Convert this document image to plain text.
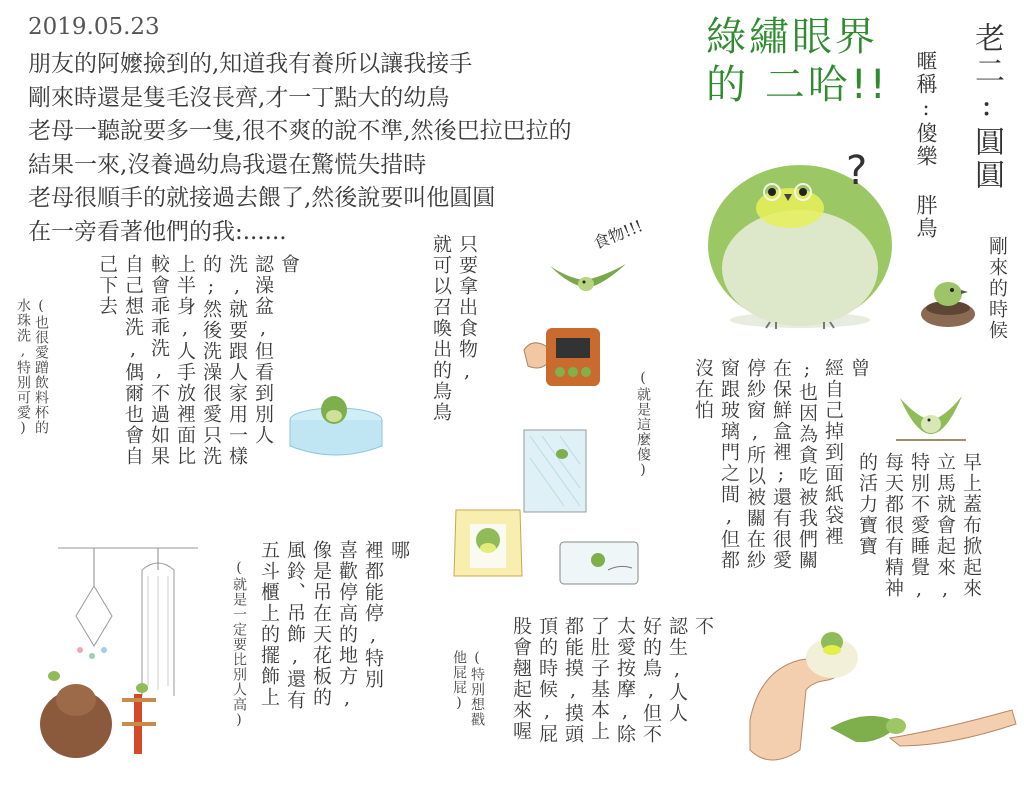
2019.05.23
朋友的阿嬤撿到的,知道我有養所以讓我接手
剛來時還是隻毛沒長齊,才一丁點大的幼鳥
老母一聽說要多一隻,很不爽的說不準,然後巴拉巴拉的
結果一來,沒養過幼鳥我還在驚慌失措時
老母很順手的就接過去餵了,然後說要叫他圓圓
在一旁看著他們的我:......
綠繡眼界
的 二哈!!	老二:圓圓
暱稱:傻樂 胖鳥
?
剛來的時候
食物!!!
只要拿出食物,
就可以召喚出的鳥鳥
會
認澡盆,但看到別人
洗,就要跟人家用一樣
的;然後洗澡很愛只洗
上半身,人手放裡面比
較會乖乖洗,不過如果
自己想洗,偶爾也會自
己下去
(也很愛蹭飲料杯的
水珠洗,特別可愛)	曾
經自己掉到面紙袋裡
;也因為貪吃被我們關
在保鮮盒裡;還有很愛
停紗窗,所以被關在紗
窗跟玻璃門之間,但都
沒在怕
(就是這麼傻)
早上蓋布掀起來
立馬就會起來,
特別不愛睡覺,
每天都很有精神
的活力寶寶
哪
裡都能停,特別
喜歡停高的地方,
像是吊在天花板的
風鈴、吊飾,還有
五斗櫃上的擺飾上
(就是一定要比別人高)	不
認生,人人
好的鳥,但不
太愛按摩,除
了肚子基本上
都能摸,摸頭
頂的時候,屁
股會翹起來喔
(特別想戳
他屁屁)
